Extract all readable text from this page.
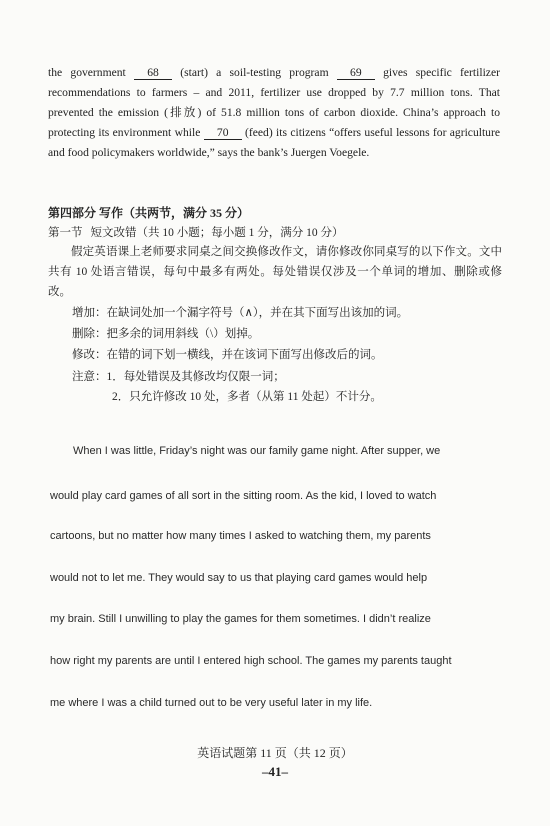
the government 68 (start) a soil-testing program 69 gives specific fertilizer recommendations to farmers – and 2011, fertilizer use dropped by 7.7 million tons. That prevented the emission (排放) of 51.8 million tons of carbon dioxide. China’s approach to protecting its environment while 70 (feed) its citizens “offers useful lessons for agriculture and food policymakers worldwide,” says the bank’s Juergen Voegele.
第四部分 写作（共两节，满分 35 分）
第一节 短文改错（共 10 小题；每小题 1 分，满分 10 分）
假定英语课上老师要求同桌之间交换修改作文，请你修改你同桌写的以下作文。文中共有 10 处语言错误，每句中最多有两处。每处错误仅涉及一个单词的增加、删除或修改。
增加：在缺词处加一个漏字符号（∧），并在其下面写出该加的词。
删除：把多余的词用斜线（\）划掉。
修改：在错的词下划一横线，并在该词下面写出修改后的词。
注意：1．每处错误及其修改均仅限一词；
2．只允许修改 10 处，多者（从第 11 处起）不计分。
When I was little, Friday’s night was our family game night. After supper, we
would play card games of all sort in the sitting room. As the kid, I loved to watch
cartoons, but no matter how many times I asked to watching them, my parents
would not to let me. They would say to us that playing card games would help
my brain. Still I unwilling to play the games for them sometimes. I didn’t realize
how right my parents are until I entered high school. The games my parents taught
me where I was a child turned out to be very useful later in my life.
英语试题第 11 页（共 12 页）
–41–
